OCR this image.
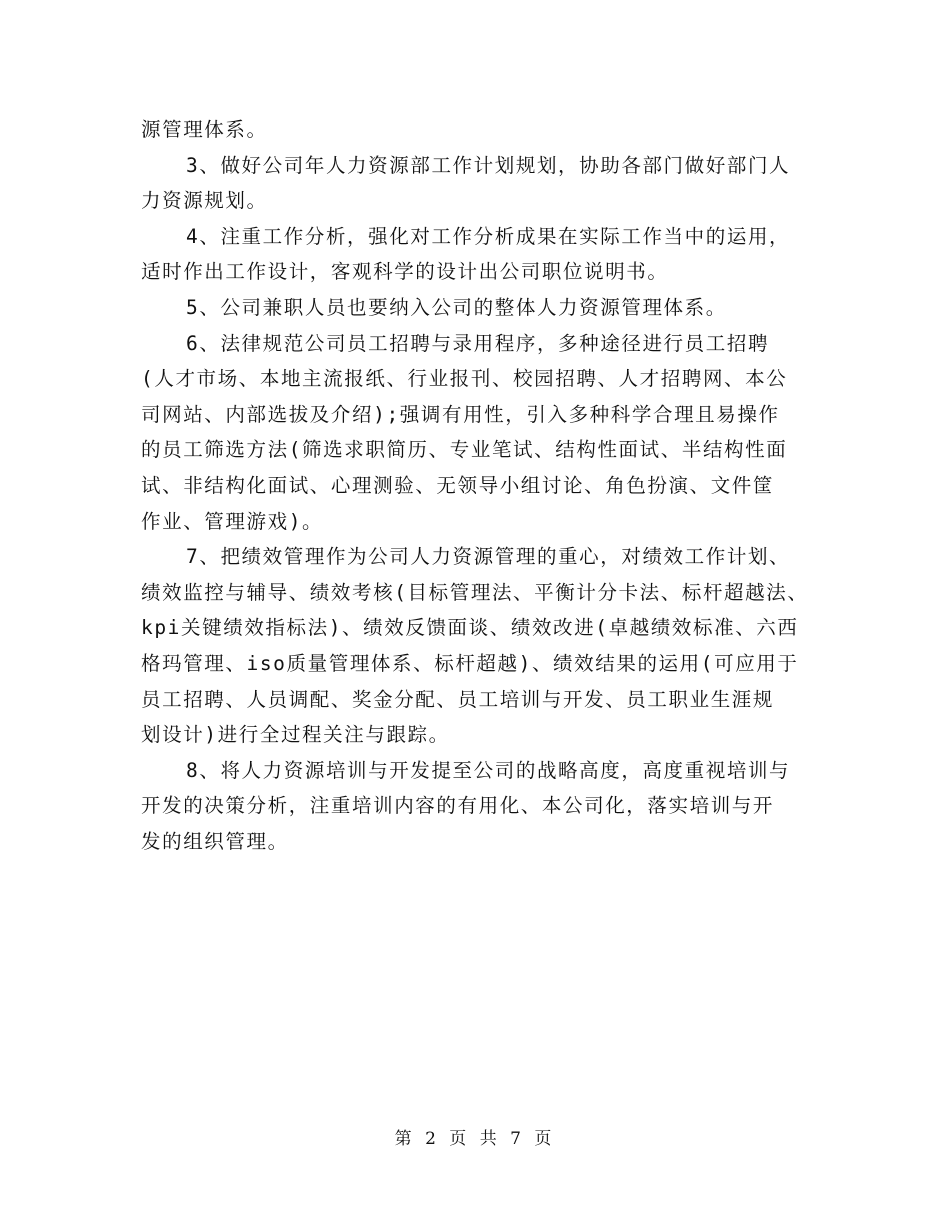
源管理体系。
3、做好公司年人力资源部工作计划规划，协助各部门做好部门人
力资源规划。
4、注重工作分析，强化对工作分析成果在实际工作当中的运用，
适时作出工作设计，客观科学的设计出公司职位说明书。
5、公司兼职人员也要纳入公司的整体人力资源管理体系。
6、法律规范公司员工招聘与录用程序，多种途径进行员工招聘
(人才市场、本地主流报纸、行业报刊、校园招聘、人才招聘网、本公
司网站、内部选拔及介绍);强调有用性，引入多种科学合理且易操作
的员工筛选方法(筛选求职简历、专业笔试、结构性面试、半结构性面
试、非结构化面试、心理测验、无领导小组讨论、角色扮演、文件筐
作业、管理游戏)。
7、把绩效管理作为公司人力资源管理的重心，对绩效工作计划、
绩效监控与辅导、绩效考核(目标管理法、平衡计分卡法、标杆超越法、
kpi关键绩效指标法)、绩效反馈面谈、绩效改进(卓越绩效标准、六西
格玛管理、iso质量管理体系、标杆超越)、绩效结果的运用(可应用于
员工招聘、人员调配、奖金分配、员工培训与开发、员工职业生涯规
划设计)进行全过程关注与跟踪。
8、将人力资源培训与开发提至公司的战略高度，高度重视培训与
开发的决策分析，注重培训内容的有用化、本公司化，落实培训与开
发的组织管理。
第 2 页 共 7 页
